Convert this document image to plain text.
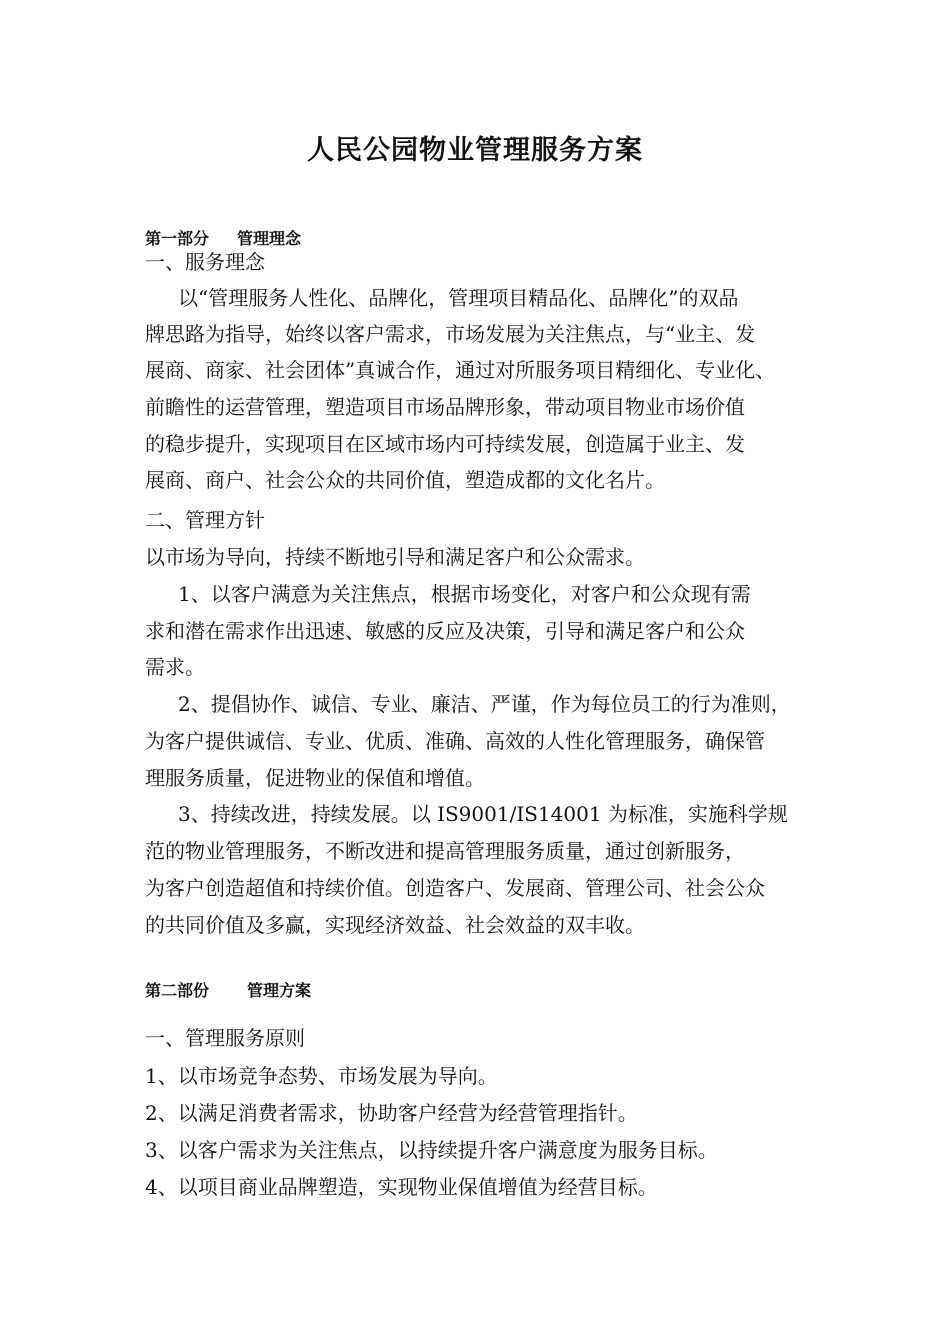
人民公园物业管理服务方案
第一部分 管理理念
一、服务理念
以“管理服务人性化、品牌化，管理项目精品化、品牌化”的双品
牌思路为指导，始终以客户需求，市场发展为关注焦点，与“业主、发
展商、商家、社会团体”真诚合作，通过对所服务项目精细化、专业化、
前瞻性的运营管理，塑造项目市场品牌形象，带动项目物业市场价值
的稳步提升，实现项目在区域市场内可持续发展，创造属于业主、发
展商、商户、社会公众的共同价值，塑造成都的文化名片。
二、管理方针
以市场为导向，持续不断地引导和满足客户和公众需求。
1、以客户满意为关注焦点，根据市场变化，对客户和公众现有需
求和潜在需求作出迅速、敏感的反应及决策，引导和满足客户和公众
需求。
2、提倡协作、诚信、专业、廉洁、严谨，作为每位员工的行为准则，
为客户提供诚信、专业、优质、准确、高效的人性化管理服务，确保管
理服务质量，促进物业的保值和增值。
3、持续改进，持续发展。以 IS9001/IS14001 为标准，实施科学规
范的物业管理服务，不断改进和提高管理服务质量，通过创新服务，
为客户创造超值和持续价值。创造客户、发展商、管理公司、社会公众
的共同价值及多赢，实现经济效益、社会效益的双丰收。
第二部份 管理方案
一、管理服务原则
1、以市场竞争态势、市场发展为导向。
2、以满足消费者需求，协助客户经营为经营管理指针。
3、以客户需求为关注焦点，以持续提升客户满意度为服务目标。
4、以项目商业品牌塑造，实现物业保值增值为经营目标。
